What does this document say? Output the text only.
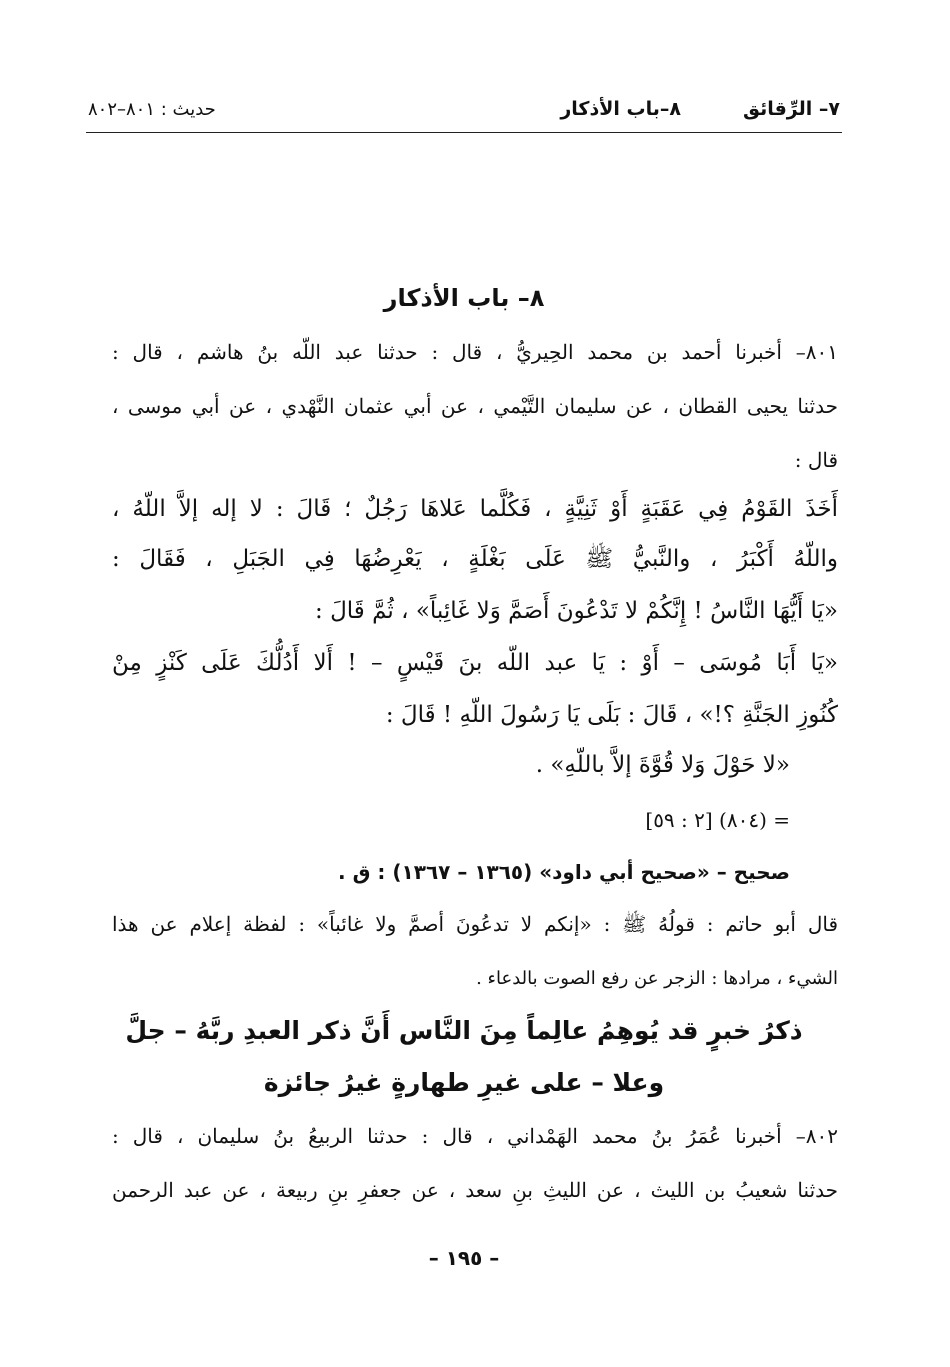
٧– الرِّقائق
٨–باب الأذكار
حديث : ٨٠١–٨٠٢
٨– باب الأذكار
٨٠١– أخبرنا أحمد بن محمد الحِيريُّ ، قال : حدثنا عبد اللّه بنُ هاشم ، قال :
حدثنا يحيى القطان ، عن سليمان التَّيْمي ، عن أبي عثمان النَّهْدي ، عن أبي موسى ،
قال :
أَخَذَ القَوْمُ فِي عَقَبَةٍ أَوْ ثَنِيَّةٍ ، فَكُلَّما عَلاهَا رَجُلٌ ؛ قَالَ : لا إله إلاَّ اللّهُ ،
واللّهُ أَكْبَرُ ، والنَّبيُّ ﷺ عَلَى بَغْلَةٍ ، يَعْرِضُهَا فِي الجَبَلِ ، فَقَالَ :
«يَا أَيُّهَا النَّاسُ ! إِنَّكُمْ لا تَدْعُونَ أَصَمَّ وَلا غَائِباً» ، ثُمَّ قَالَ :
«يَا أَبَا مُوسَى – أَوْ : يَا عبد اللّه بنَ قَيْسٍ – ! أَلا أَدُلُّكَ عَلَى كَنْزٍ مِنْ
كُنُوزِ الجَنَّةِ ؟!» ، قَالَ : بَلَى يَا رَسُولَ اللّهِ ! قَالَ :
«لا حَوْلَ وَلا قُوَّةَ إلاَّ باللّهِ» .
= (٨٠٤) [٢ : ٥٩]
صحيح – «صحيح أبي داود» (١٣٦٥ – ١٣٦٧) : ق .
قال أبو حاتم : قولُهُ ﷺ : «إنكم لا تدعُونَ أصمَّ ولا غائباً» : لفظة إعلام عن هذا
الشيء ، مرادها : الزجر عن رفع الصوت بالدعاء .
ذكرُ خبرٍ قد يُوهِمُ عالِماً مِنَ النَّاس أَنَّ ذكر العبدِ ربَّهُ – جلَّ
وعلا – على غيرِ طهارةٍ غيرُ جائزة
٨٠٢– أخبرنا عُمَرُ بنُ محمد الهَمْداني ، قال : حدثنا الربيعُ بنُ سليمان ، قال :
حدثنا شعيبُ بن الليث ، عن الليثِ بنِ سعد ، عن جعفرِ بنِ ربيعة ، عن عبد الرحمن
– ١٩٥ –
